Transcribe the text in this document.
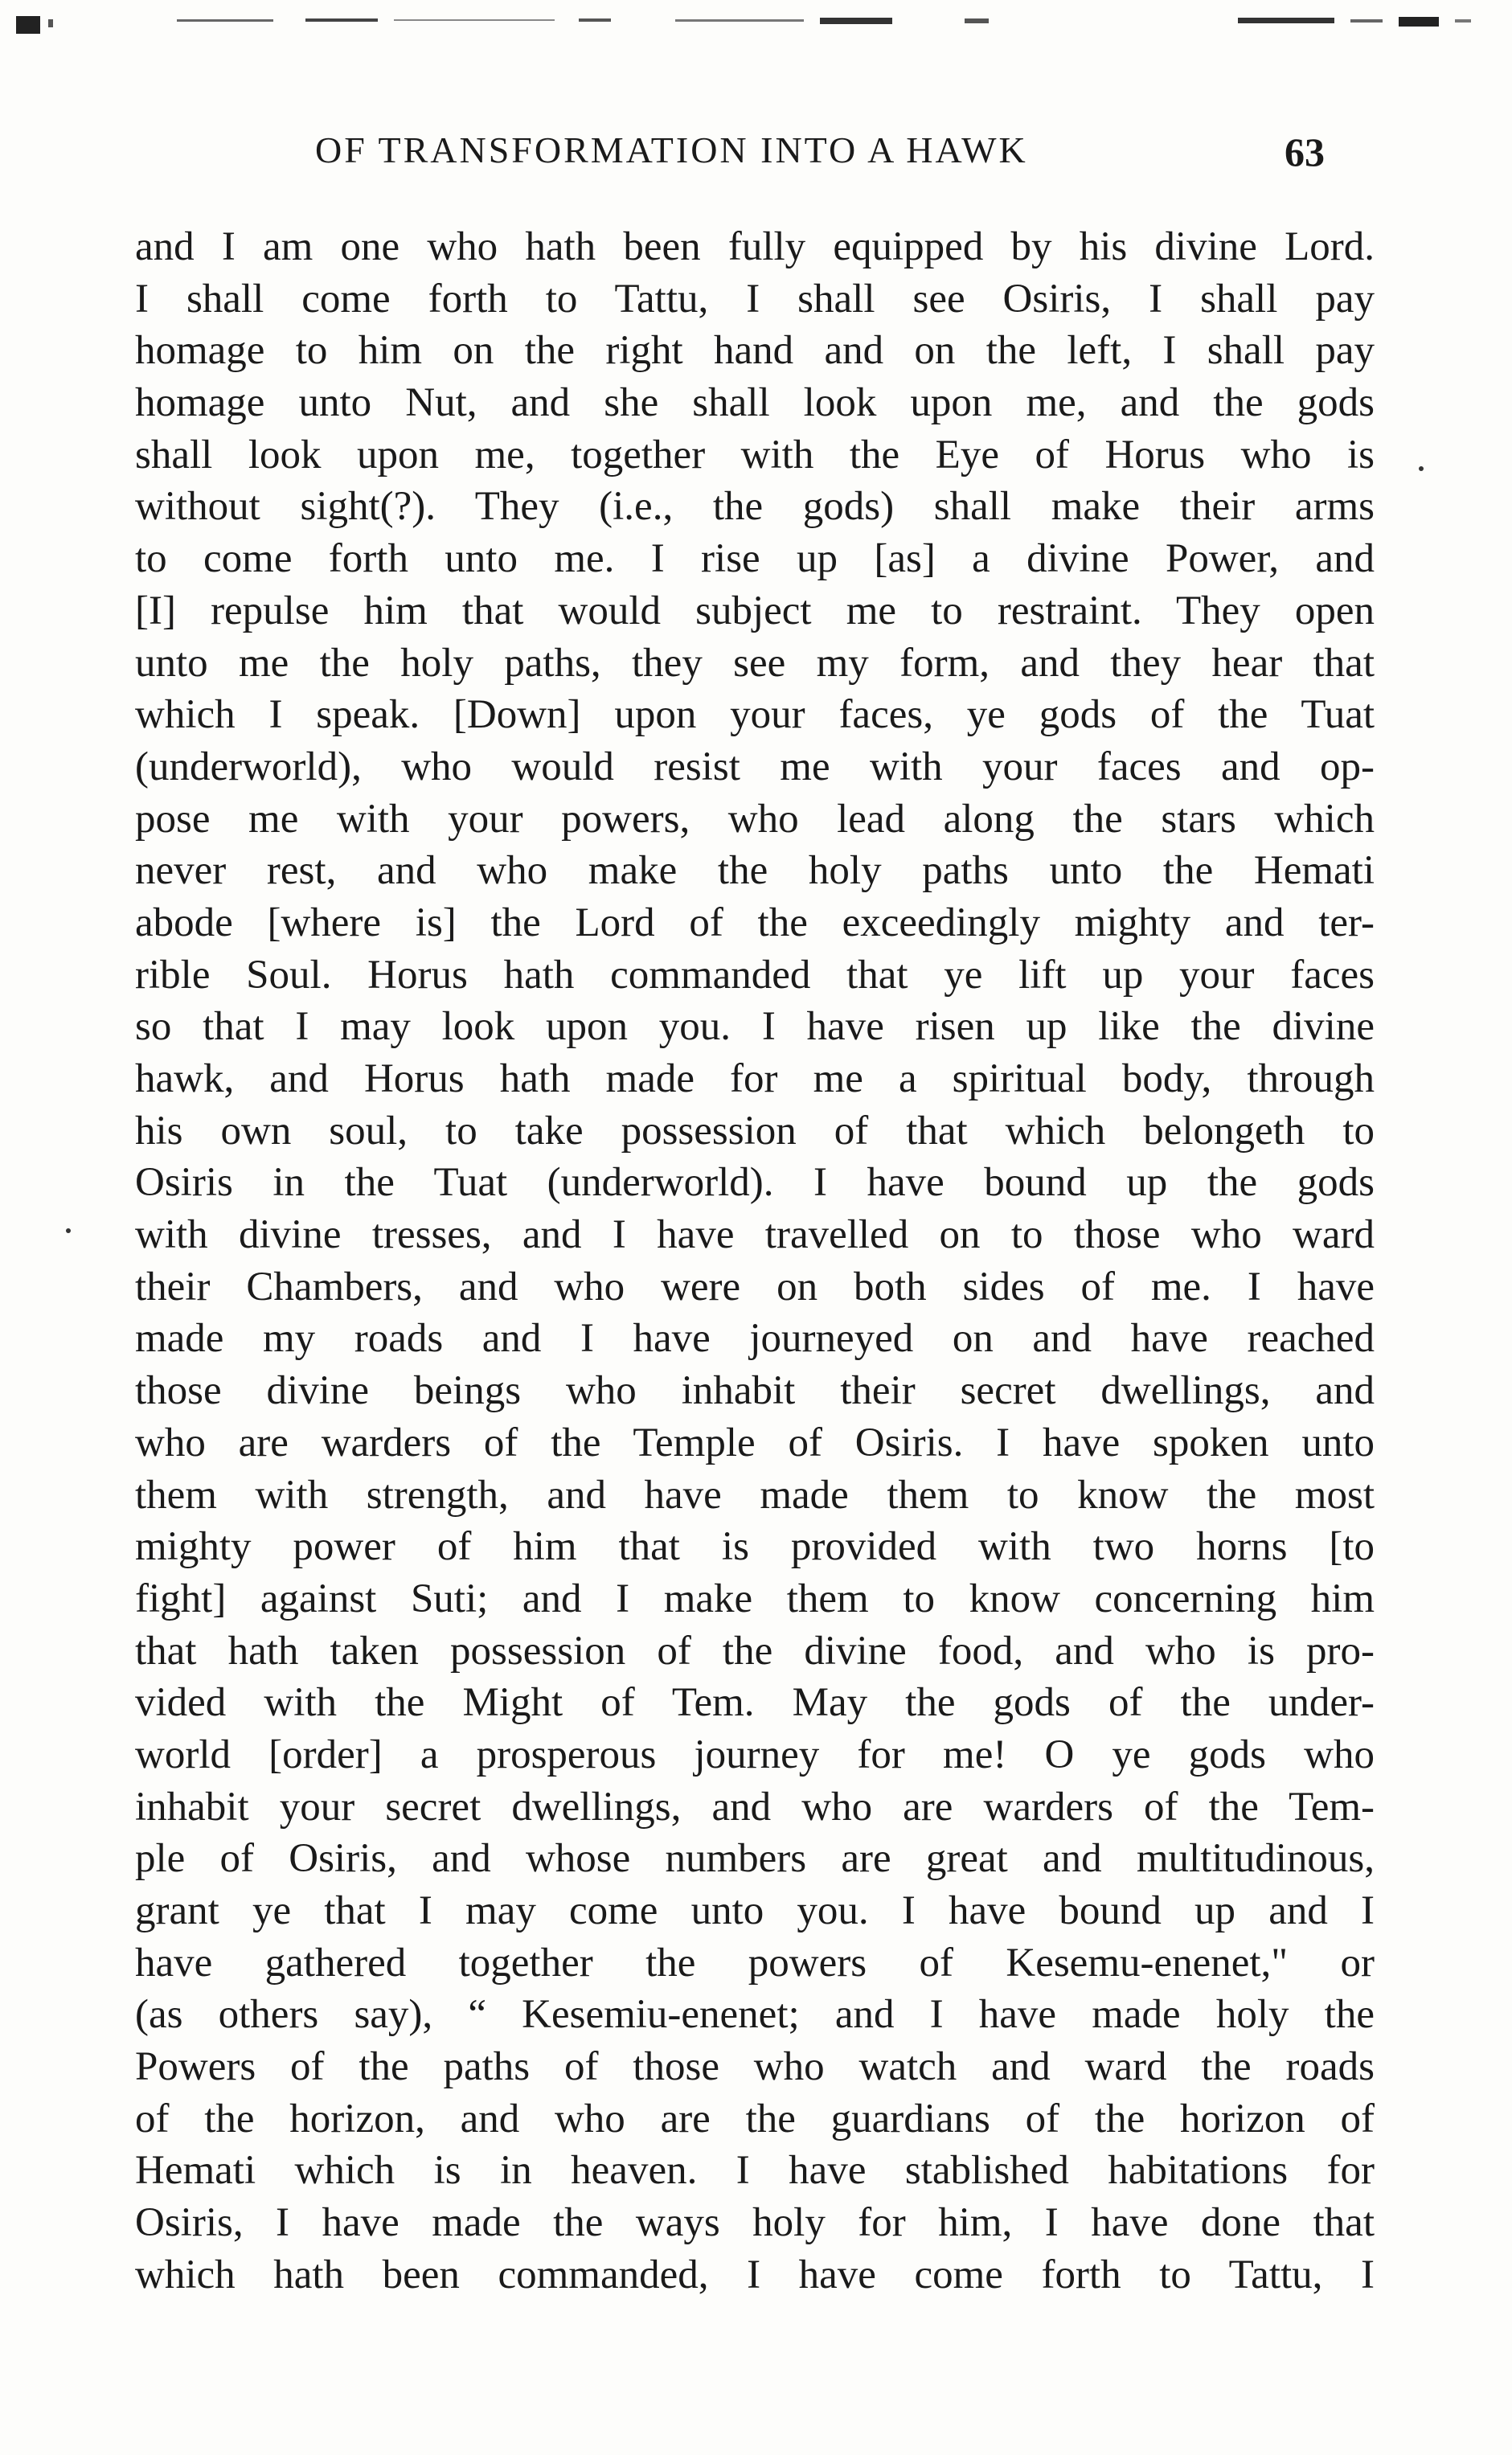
OF TRANSFORMATION INTO A HAWK	63
and I am one who hath been fully equipped by his divine Lord.
I shall come forth to Tattu, I shall see Osiris, I shall pay
homage to him on the right hand and on the left, I shall pay
homage unto Nut, and she shall look upon me, and the gods
shall look upon me, together with the Eye of Horus who is
without sight(?). They (i.e., the gods) shall make their arms
to come forth unto me. I rise up [as] a divine Power, and
[I] repulse him that would subject me to restraint. They open
unto me the holy paths, they see my form, and they hear that
which I speak. [Down] upon your faces, ye gods of the Tuat
(underworld), who would resist me with your faces and op-
pose me with your powers, who lead along the stars which
never rest, and who make the holy paths unto the Hemati
abode [where is] the Lord of the exceedingly mighty and ter-
rible Soul. Horus hath commanded that ye lift up your faces
so that I may look upon you. I have risen up like the divine
hawk, and Horus hath made for me a spiritual body, through
his own soul, to take possession of that which belongeth to
Osiris in the Tuat (underworld). I have bound up the gods
with divine tresses, and I have travelled on to those who ward
their Chambers, and who were on both sides of me. I have
made my roads and I have journeyed on and have reached
those divine beings who inhabit their secret dwellings, and
who are warders of the Temple of Osiris. I have spoken unto
them with strength, and have made them to know the most
mighty power of him that is provided with two horns [to
fight] against Suti; and I make them to know concerning him
that hath taken possession of the divine food, and who is pro-
vided with the Might of Tem. May the gods of the under-
world [order] a prosperous journey for me! O ye gods who
inhabit your secret dwellings, and who are warders of the Tem-
ple of Osiris, and whose numbers are great and multitudinous,
grant ye that I may come unto you. I have bound up and I
have gathered together the powers of Kesemu-enenet," or
(as others say), “ Kesemiu-enenet; and I have made holy the
Powers of the paths of those who watch and ward the roads
of the horizon, and who are the guardians of the horizon of
Hemati which is in heaven. I have stablished habitations for
Osiris, I have made the ways holy for him, I have done that
which hath been commanded, I have come forth to Tattu, I
